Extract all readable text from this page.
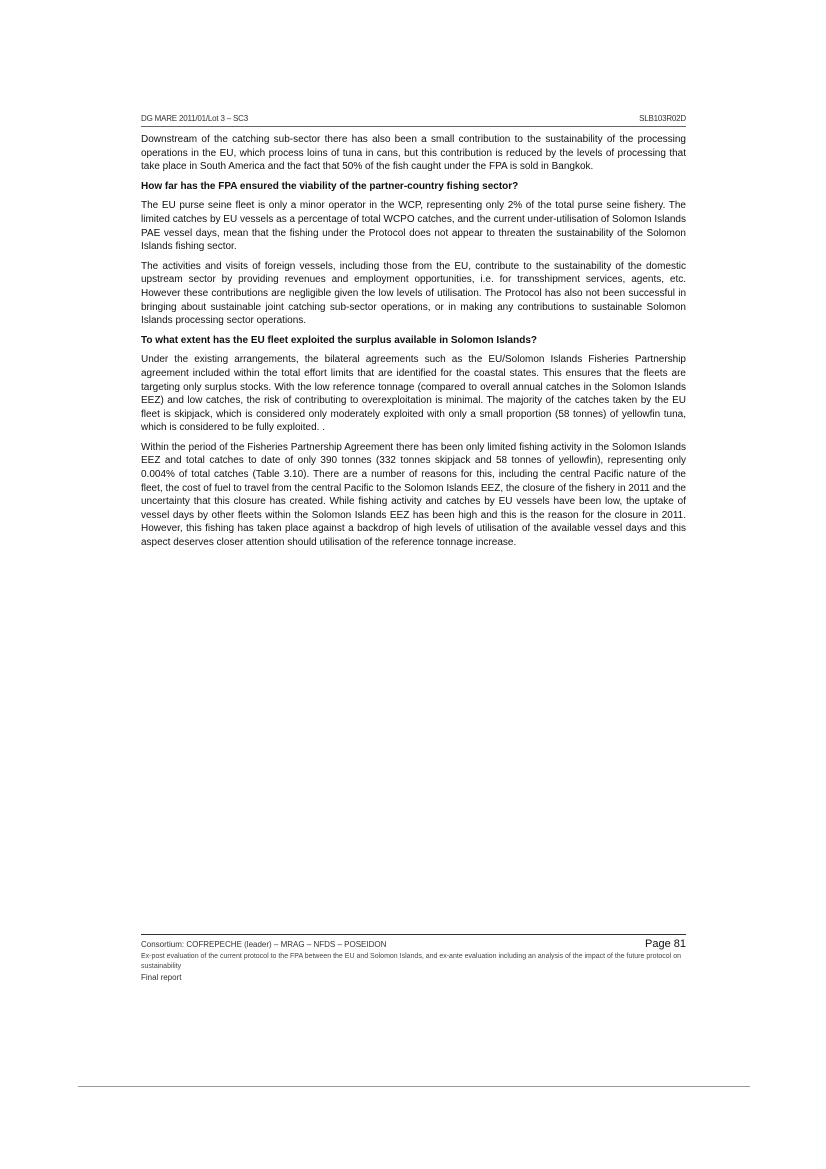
DG MARE 2011/01/Lot 3 – SC3	SLB103R02D

Downstream of the catching sub-sector there has also been a small contribution to the sustainability of the processing operations in the EU, which process loins of tuna in cans, but this contribution is reduced by the levels of processing that take place in South America and the fact that 50% of the fish caught under the FPA is sold in Bangkok.

How far has the FPA ensured the viability of the partner-country fishing sector?

The EU purse seine fleet is only a minor operator in the WCP, representing only 2% of the total purse seine fishery. The limited catches by EU vessels as a percentage of total WCPO catches, and the current under-utilisation of Solomon Islands PAE vessel days, mean that the fishing under the Protocol does not appear to threaten the sustainability of the Solomon Islands fishing sector.

The activities and visits of foreign vessels, including those from the EU, contribute to the sustainability of the domestic upstream sector by providing revenues and employment opportunities, i.e. for transshipment services, agents, etc. However these contributions are negligible given the low levels of utilisation. The Protocol has also not been successful in bringing about sustainable joint catching sub-sector operations, or in making any contributions to sustainable Solomon Islands processing sector operations.

To what extent has the EU fleet exploited the surplus available in Solomon Islands?

Under the existing arrangements, the bilateral agreements such as the EU/Solomon Islands Fisheries Partnership agreement included within the total effort limits that are identified for the coastal states. This ensures that the fleets are targeting only surplus stocks. With the low reference tonnage (compared to overall annual catches in the Solomon Islands EEZ) and low catches, the risk of contributing to overexploitation is minimal. The majority of the catches taken by the EU fleet is skipjack, which is considered only moderately exploited with only a small proportion (58 tonnes) of yellowfin tuna, which is considered to be fully exploited. .

Within the period of the Fisheries Partnership Agreement there has been only limited fishing activity in the Solomon Islands EEZ and total catches to date of only 390 tonnes (332 tonnes skipjack and 58 tonnes of yellowfin), representing only 0.004% of total catches (Table 3.10). There are a number of reasons for this, including the central Pacific nature of the fleet, the cost of fuel to travel from the central Pacific to the Solomon Islands EEZ, the closure of the fishery in 2011 and the uncertainty that this closure has created. While fishing activity and catches by EU vessels have been low, the uptake of vessel days by other fleets within the Solomon Islands EEZ has been high and this is the reason for the closure in 2011. However, this fishing has taken place against a backdrop of high levels of utilisation of the available vessel days and this aspect deserves closer attention should utilisation of the reference tonnage increase.

Consortium: COFREPECHE (leader) – MRAG – NFDS – POSEIDON	Page 81
Ex-post evaluation of the current protocol to the FPA between the EU and Solomon Islands, and ex-ante evaluation including an analysis of the impact of the future protocol on sustainability
Final report
